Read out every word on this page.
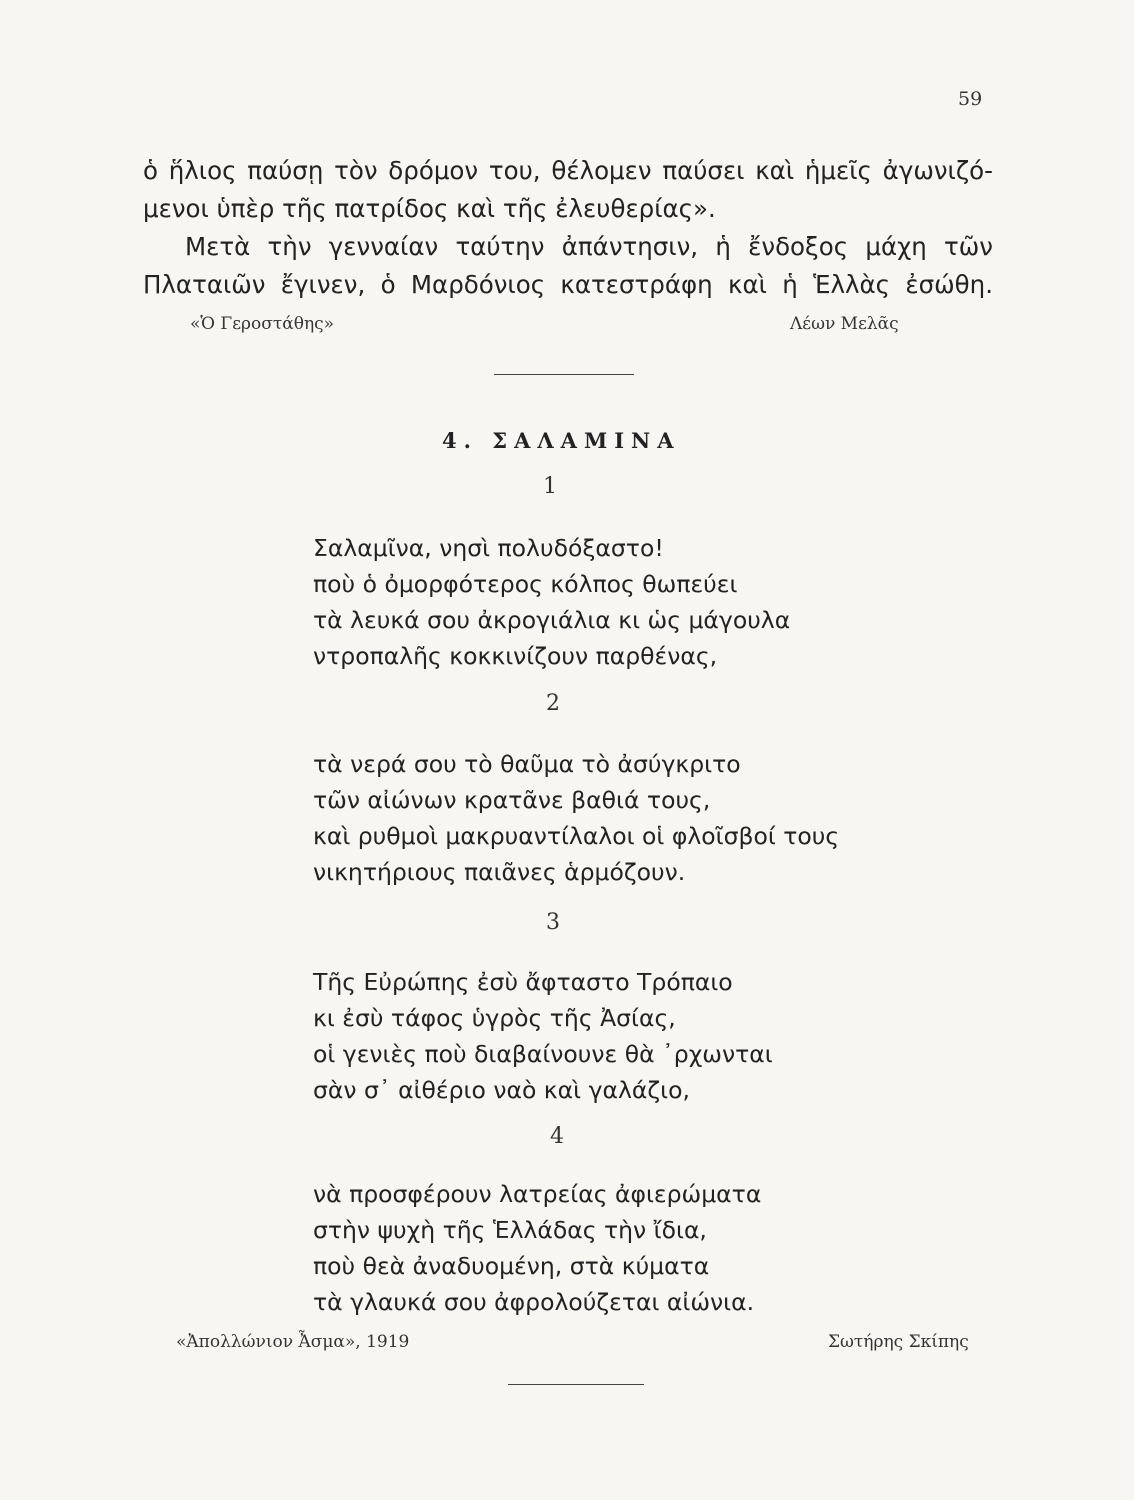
59
ὁ ἥλιος παύσῃ τὸν δρόμον του, θέλομεν παύσει καὶ ἡμεῖς ἀγωνιζό-
μενοι ὑπὲρ τῆς πατρίδος καὶ τῆς ἐλευθερίας».
Μετὰ τὴν γενναίαν ταύτην ἀπάντησιν, ἡ ἔνδοξος μάχη τῶν
Πλαταιῶν ἔγινεν, ὁ Μαρδόνιος κατεστράφη καὶ ἡ Ἑλλὰς ἐσώθη.
«Ὁ Γεροστάθης»	Λέων Μελᾶς
4. ΣΑΛΑΜΙΝΑ
1
Σαλαμῖνα, νησὶ πολυδόξαστο!
ποὺ ὁ ὀμορφότερος κόλπος θωπεύει
τὰ λευκά σου ἀκρογιάλια κι ὡς μάγουλα
ντροπαλῆς κοκκινίζουν παρθένας,
2
τὰ νερά σου τὸ θαῦμα τὸ ἀσύγκριτο
τῶν αἰώνων κρατᾶνε βαθιά τους,
καὶ ρυθμοὶ μακρυαντίλαλοι οἱ φλοῖσβοί τους
νικητήριους παιᾶνες ἁρμόζουν.
3
Τῆς Εὐρώπης ἐσὺ ἄφταστο Τρόπαιο
κι ἐσὺ τάφος ὑγρὸς τῆς Ἀσίας,
οἱ γενιὲς ποὺ διαβαίνουνε θὰ ᾿ρχωνται
σὰν σ᾿ αἰθέριο ναὸ καὶ γαλάζιο,
4
νὰ προσφέρουν λατρείας ἀφιερώματα
στὴν ψυχὴ τῆς Ἑλλάδας τὴν ἴδια,
ποὺ θεὰ ἀναδυομένη, στὰ κύματα
τὰ γλαυκά σου ἀφρολούζεται αἰώνια.
«Ἀπολλώνιον Ἆσμα», 1919	Σωτήρης Σκίπης
